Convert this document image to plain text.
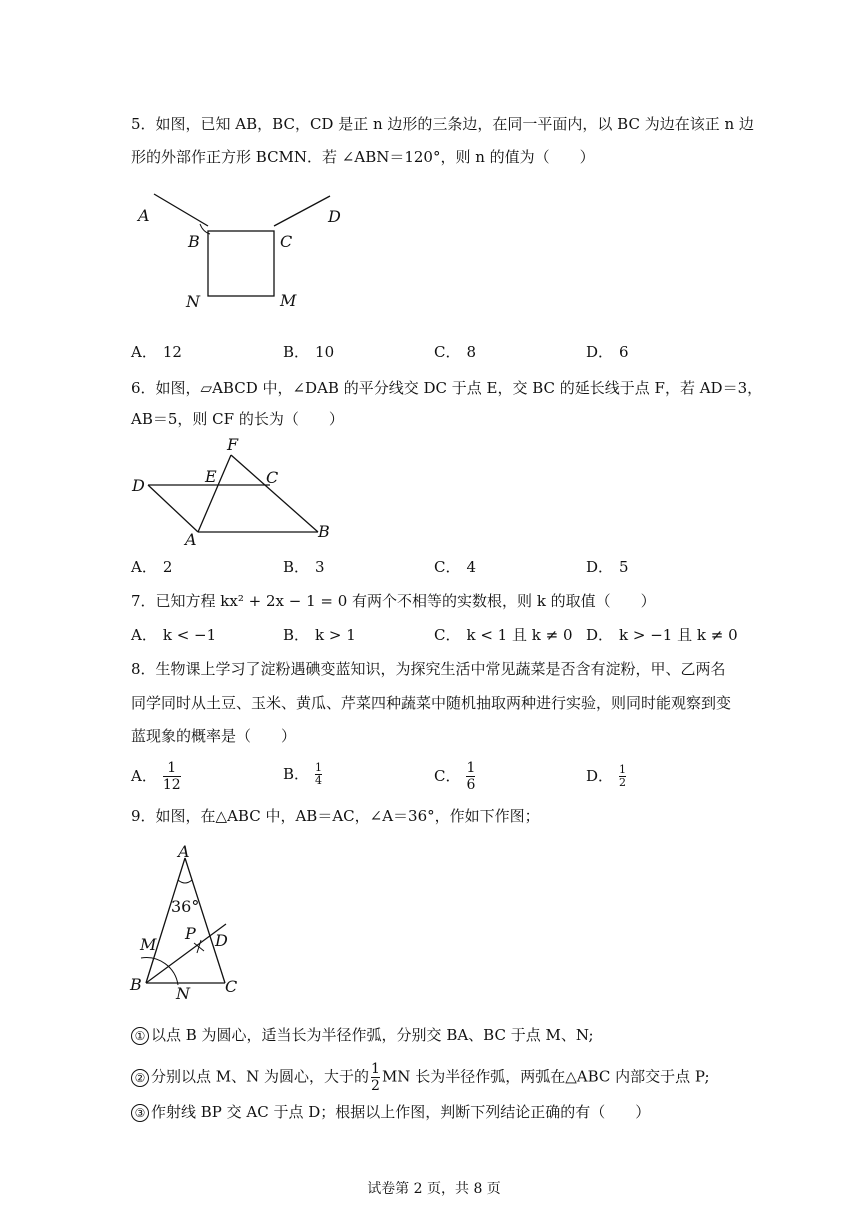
5．如图，已知 AB，BC，CD 是正 n 边形的三条边，在同一平面内，以 BC 为边在该正 n 边
形的外部作正方形 BCMN．若 ∠ABN＝120°，则 n 的值为（　　）
A
B	C
D
N	M
A． 12	B． 10	C． 8	D． 6
6．如图，▱ABCD 中，∠DAB 的平分线交 DC 于点 E，交 BC 的延长线于点 F，若 AD＝3，
AB＝5，则 CF 的长为（　　）
F
E	C
D
A	B
A． 2	B． 3	C． 4	D． 5
7．已知方程 kx² + 2x − 1 = 0 有两个不相等的实数根，则 k 的取值（　　）
A． k < −1	B． k > 1	C． k < 1 且 k ≠ 0 D． k > −1 且 k ≠ 0
8．生物课上学习了淀粉遇碘变蓝知识，为探究生活中常见蔬菜是否含有淀粉，甲、乙两名
同学同时从土豆、玉米、黄瓜、芹菜四种蔬菜中随机抽取两种进行实验，则同时能观察到变
蓝现象的概率是（　　）
A． $\frac{1}{12}$	B． $\frac{1}{4}$	C． $\frac{1}{6}$	D． $\frac{1}{2}$
9．如图，在△ABC 中，AB＝AC，∠A＝36°，作如下作图；
A
36°
M
P D
B N C
① 以点 B 为圆心，适当长为半径作弧，分别交 BA、BC 于点 M、N;
② 分别以点 M、N 为圆心，大于的 $\frac{1}{2}$ MN 长为半径作弧，两弧在△ABC 内部交于点 P;
③ 作射线 BP 交 AC 于点 D；根据以上作图，判断下列结论正确的有（　　）
试卷第 2 页，共 8 页
